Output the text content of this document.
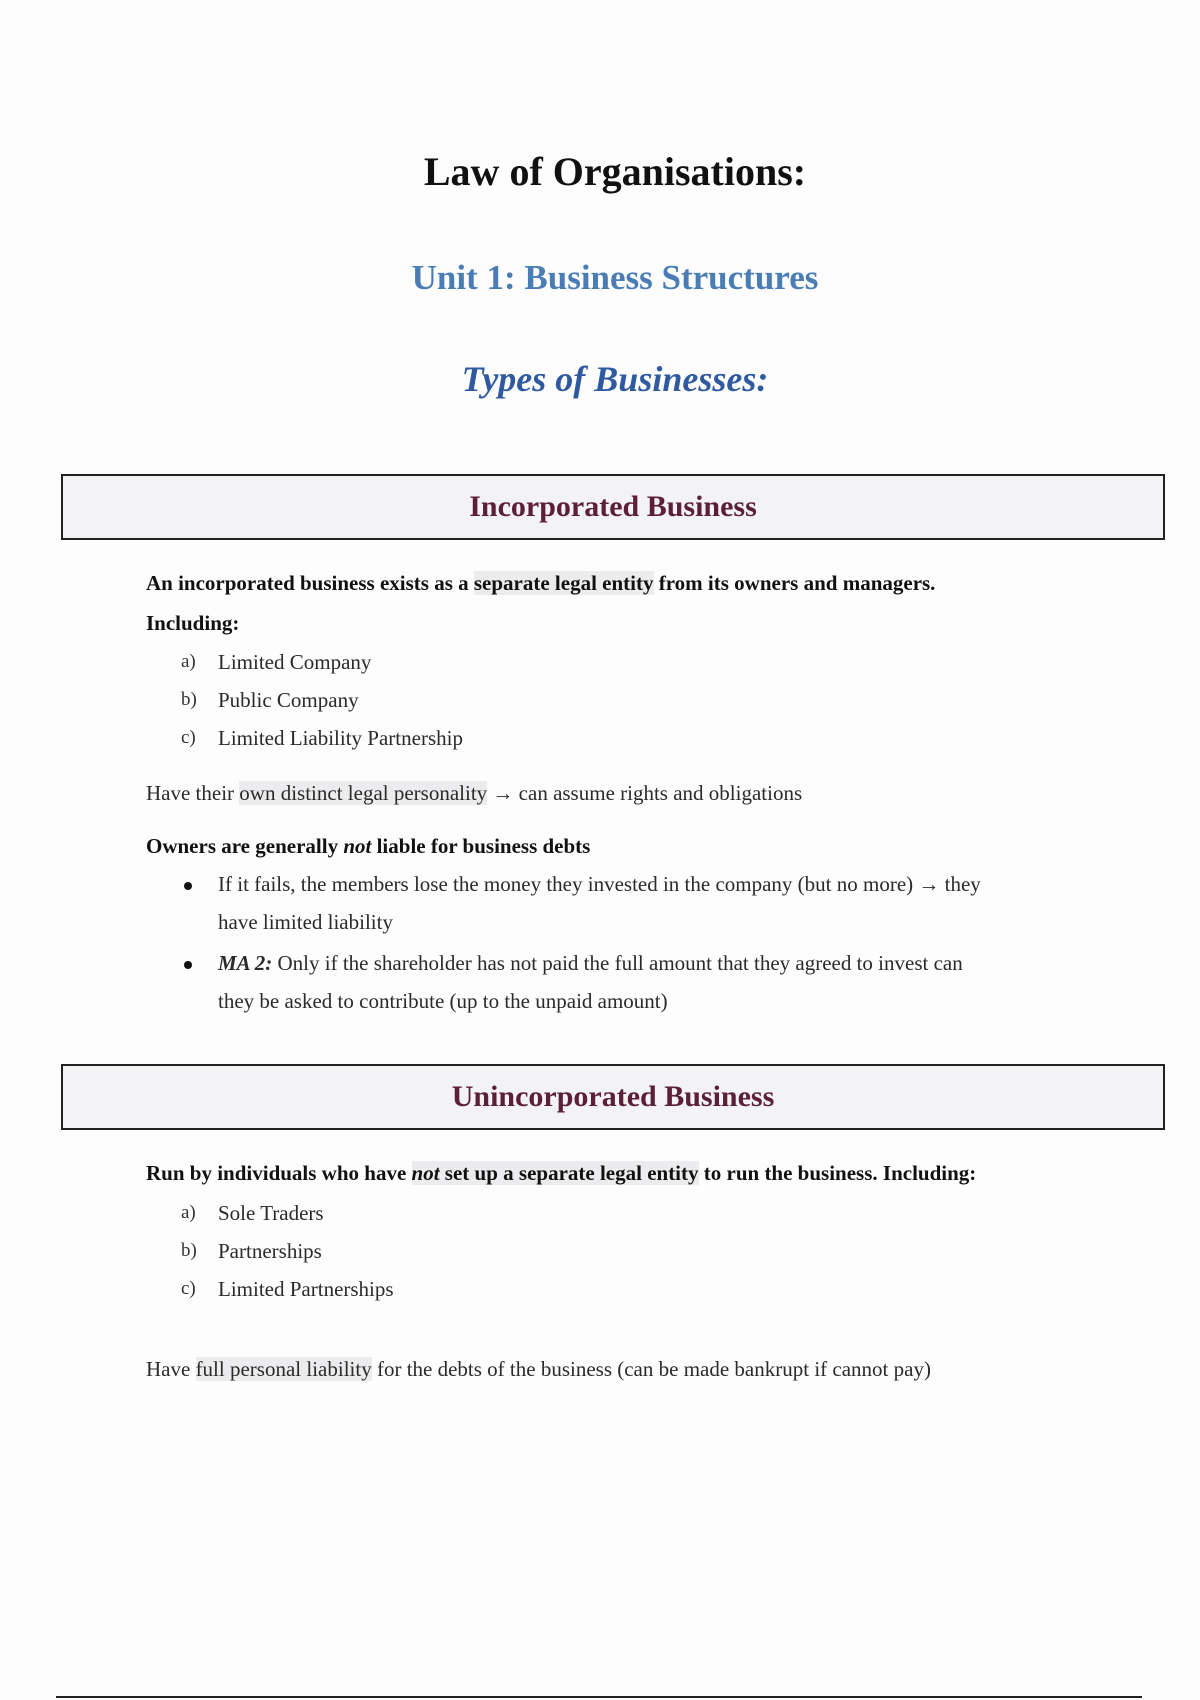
Law of Organisations:
Unit 1: Business Structures
Types of Businesses:
Incorporated Business
An incorporated business exists as a separate legal entity from its owners and managers.
Including:
a) Limited Company
b) Public Company
c) Limited Liability Partnership
Have their own distinct legal personality → can assume rights and obligations
Owners are generally not liable for business debts
If it fails, the members lose the money they invested in the company (but no more) → they
have limited liability
MA 2: Only if the shareholder has not paid the full amount that they agreed to invest can
they be asked to contribute (up to the unpaid amount)
Unincorporated Business
Run by individuals who have not set up a separate legal entity to run the business. Including:
a) Sole Traders
b) Partnerships
c) Limited Partnerships
Have full personal liability for the debts of the business (can be made bankrupt if cannot pay)
